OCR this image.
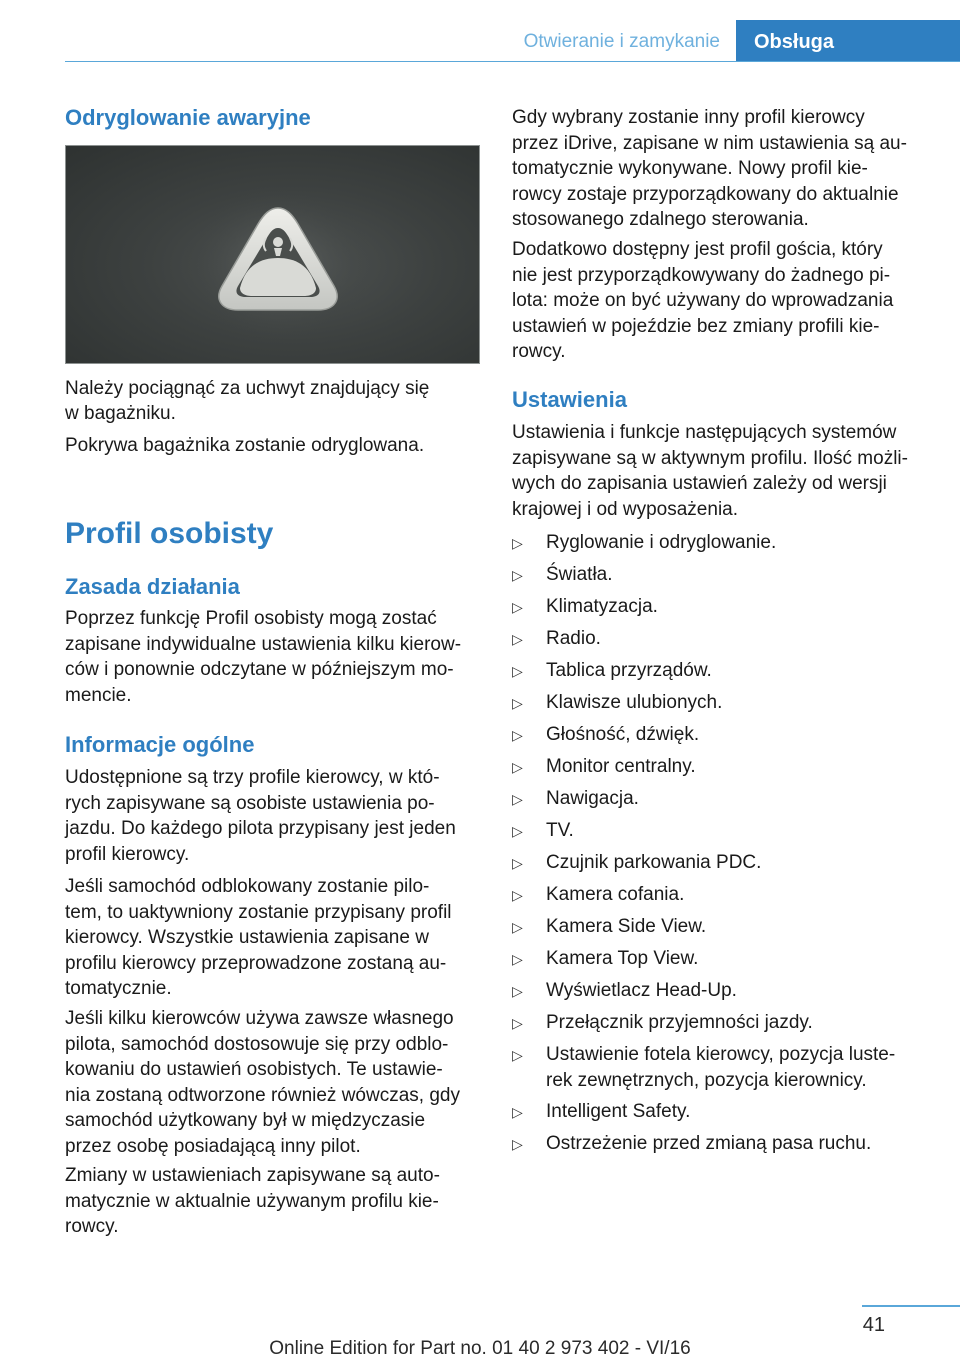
Otwieranie i zamykanie	Obsługa
Odryglowanie awaryjne

Należy pociągnąć za uchwyt znajdujący się

w bagażniku.

Pokrywa bagażnika zostanie odryglowana.

Profil osobisty
Zasada działania

Poprzez funkcję Profil osobisty mogą zostać

zapisane indywidualne ustawienia kilku kierow-

ców i ponownie odczytane w późniejszym mo-

mencie.

Informacje ogólne

Udostępnione są trzy profile kierowcy, w któ-

rych zapisywane są osobiste ustawienia po-

jazdu. Do każdego pilota przypisany jest jeden

profil kierowcy.

Jeśli samochód odblokowany zostanie pilo-

tem, to uaktywniony zostanie przypisany profil

kierowcy. Wszystkie ustawienia zapisane w

profilu kierowcy przeprowadzone zostaną au-

tomatycznie.

Jeśli kilku kierowców używa zawsze własnego

pilota, samochód dostosowuje się przy odblo-

kowaniu do ustawień osobistych. Te ustawie-

nia zostaną odtworzone również wówczas, gdy

samochód użytkowany był w międzyczasie

przez osobę posiadającą inny pilot.

Zmiany w ustawieniach zapisywane są auto-

matycznie w aktualnie używanym profilu kie-

rowcy.

Gdy wybrany zostanie inny profil kierowcy

przez iDrive, zapisane w nim ustawienia są au-

tomatycznie wykonywane. Nowy profil kie-

rowcy zostaje przyporządkowany do aktualnie

stosowanego zdalnego sterowania.

Dodatkowo dostępny jest profil gościa, który

nie jest przyporządkowywany do żadnego pi-

lota: może on być używany do wprowadzania

ustawień w pojeździe bez zmiany profili kie-

rowcy.

Ustawienia

Ustawienia i funkcje następujących systemów

zapisywane są w aktywnym profilu. Ilość możli-

wych do zapisania ustawień zależy od wersji

krajowej i od wyposażenia.

▷ Ryglowanie i odryglowanie.
▷ Światła.
▷ Klimatyzacja.
▷ Radio.
▷ Tablica przyrządów.
▷ Klawisze ulubionych.
▷ Głośność, dźwięk.
▷ Monitor centralny.
▷ Nawigacja.
▷ TV.
▷ Czujnik parkowania PDC.
▷ Kamera cofania.
▷ Kamera Side View.
▷ Kamera Top View.
▷ Wyświetlacz Head-Up.
▷ Przełącznik przyjemności jazdy.
▷ Ustawienie fotela kierowcy, pozycja luste-
rek zewnętrznych, pozycja kierownicy.
▷ Intelligent Safety.
▷ Ostrzeżenie przed zmianą pasa ruchu.
41
Online Edition for Part no. 01 40 2 973 402 - VI/16
